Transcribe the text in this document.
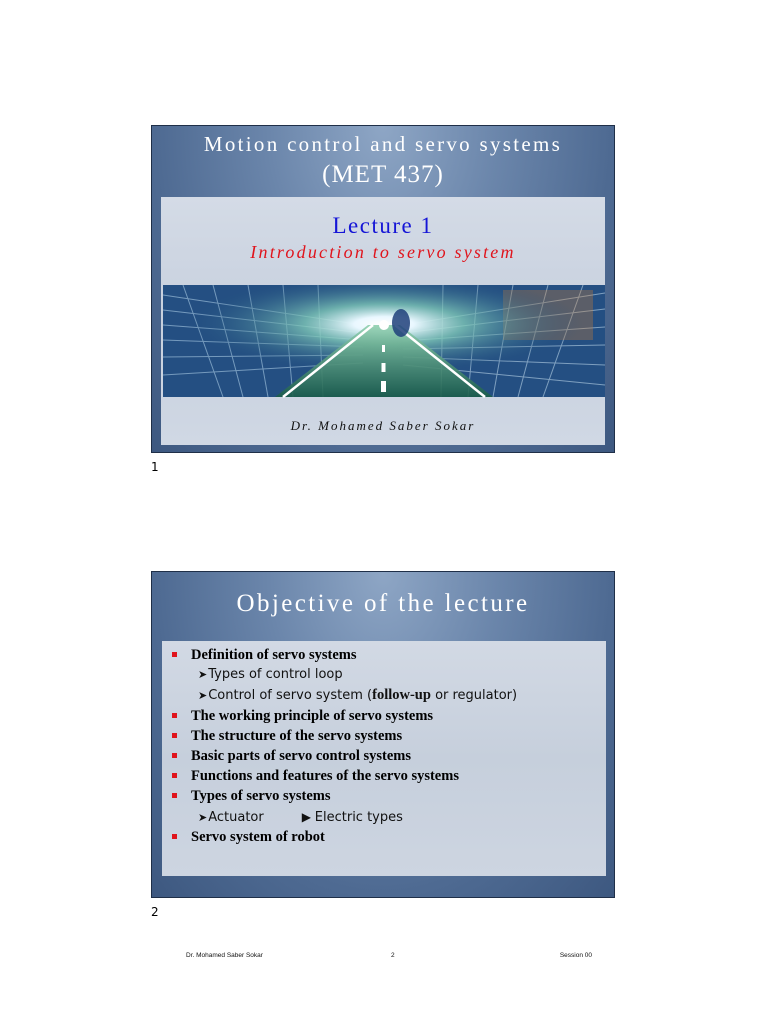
Motion control and servo systems
(MET 437)
Lecture 1
Introduction to servo system
Dr. Mohamed Saber Sokar
1
Objective of the lecture
Definition of servo systems
➤Types of control loop
➤Control of servo system (follow-up or regulator)
The working principle of servo systems
The structure of the servo systems
Basic parts of servo control systems
Functions and features of the servo systems
Types of servo systems
➤Actuator	▶ Electric types
Servo system of robot
Dr. Mohamed Saber Sokar	2	Session 00
2
